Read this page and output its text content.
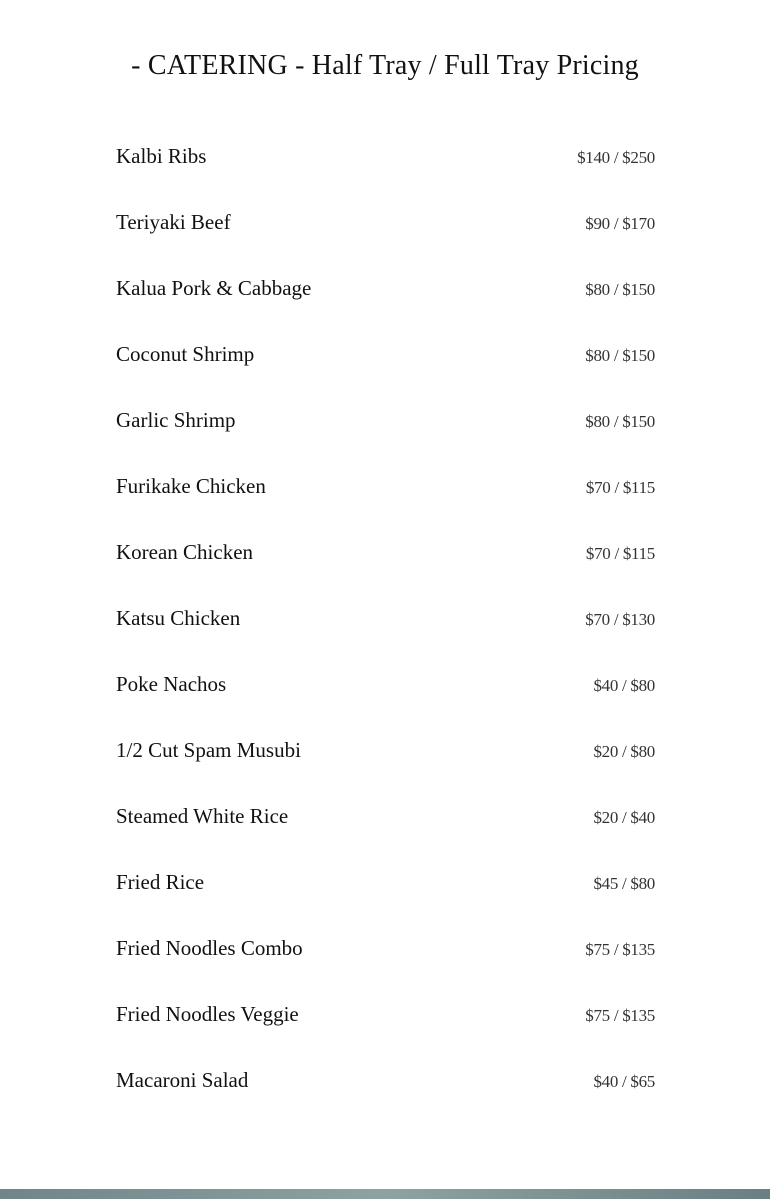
- CATERING - Half Tray / Full Tray Pricing
Kalbi Ribs	$140 / $250
Teriyaki Beef	$90 / $170
Kalua Pork & Cabbage	$80 / $150
Coconut Shrimp	$80 / $150
Garlic Shrimp	$80 / $150
Furikake Chicken	$70 / $115
Korean Chicken	$70 / $115
Katsu Chicken	$70 / $130
Poke Nachos	$40 / $80
1/2 Cut Spam Musubi	$20 / $80
Steamed White Rice	$20 / $40
Fried Rice	$45 / $80
Fried Noodles Combo	$75 / $135
Fried Noodles Veggie	$75 / $135
Macaroni Salad	$40 / $65
